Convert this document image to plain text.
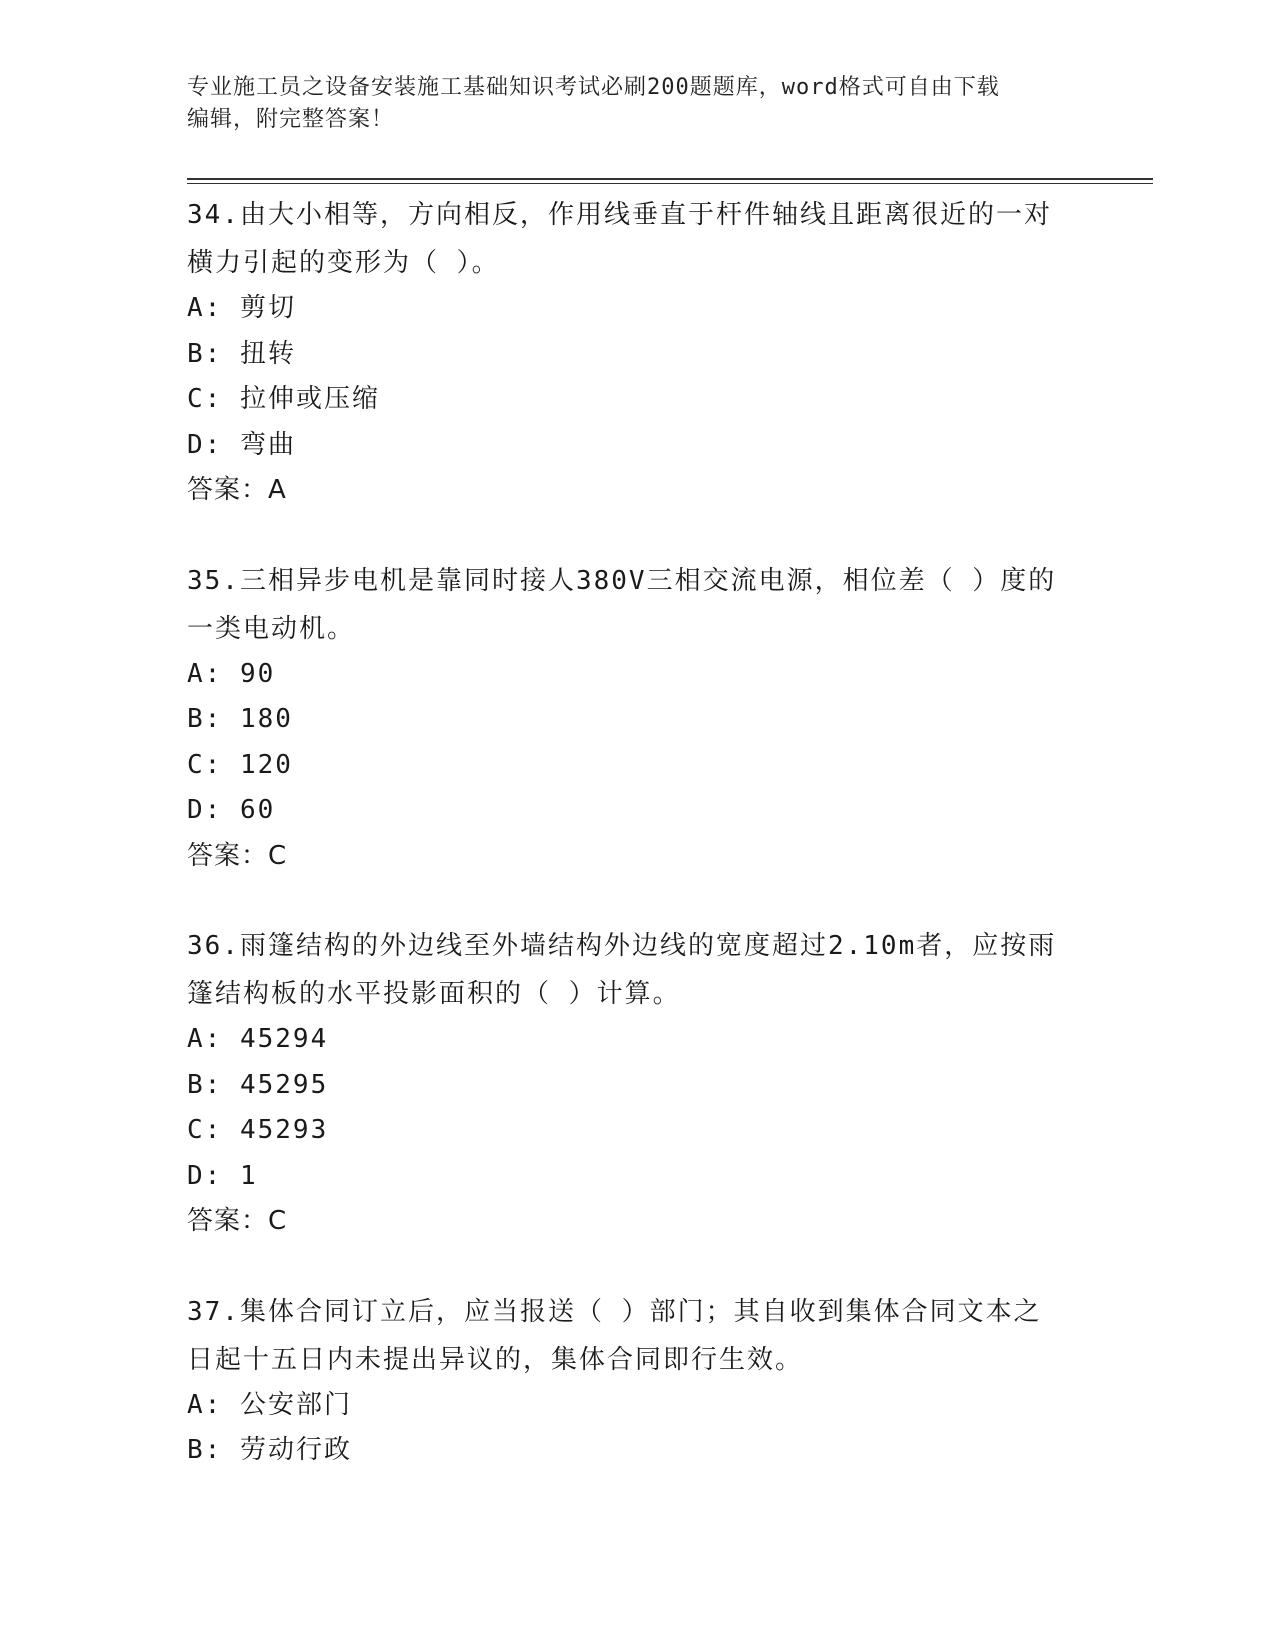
专业施工员之设备安装施工基础知识考试必刷200题题库，word格式可自由下载
编辑，附完整答案！

34.由大小相等，方向相反，作用线垂直于杆件轴线且距离很近的一对

横力引起的变形为（ ）。

A: 剪切

B: 扭转

C: 拉伸或压缩

D: 弯曲

答案：A

35.三相异步电机是靠同时接人380V三相交流电源，相位差（ ）度的

一类电动机。

A: 90

B: 180

C: 120

D: 60

答案：C

36.雨篷结构的外边线至外墙结构外边线的宽度超过2.10m者，应按雨

篷结构板的水平投影面积的（ ）计算。

A: 45294

B: 45295

C: 45293

D: 1

答案：C

37.集体合同订立后，应当报送（ ）部门；其自收到集体合同文本之

日起十五日内未提出异议的，集体合同即行生效。

A: 公安部门

B: 劳动行政
